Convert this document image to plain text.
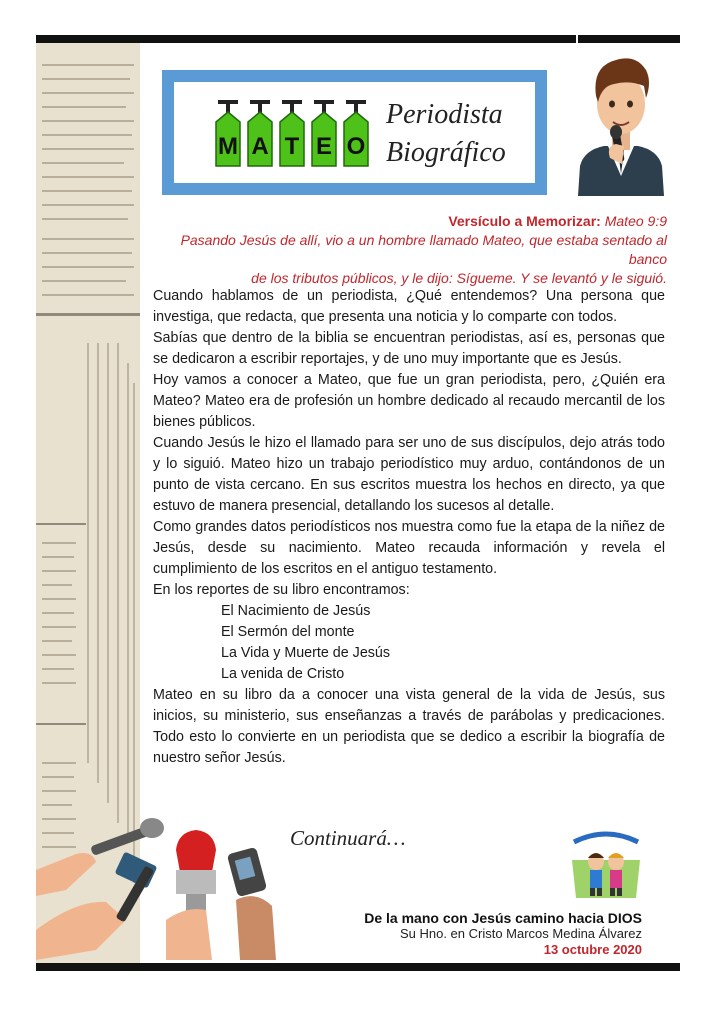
M A T E O
Periodista
Biográfico
Versículo a Memorizar: Mateo 9:9
Pasando Jesús de allí, vio a un hombre llamado Mateo, que estaba sentado al banco
de los tributos públicos, y le dijo: Sígueme. Y se levantó y le siguió.

Cuando hablamos de un periodista, ¿Qué entendemos? Una persona que investiga, que redacta, que presenta una noticia y lo comparte con todos.

Sabías que dentro de la biblia se encuentran periodistas, así es, personas que se dedicaron a escribir reportajes, y de uno muy importante que es Jesús.

Hoy vamos a conocer a Mateo, que fue un gran periodista, pero, ¿Quién era Mateo? Mateo era de profesión un hombre dedicado al recaudo mercantil de los bienes públicos.

Cuando Jesús le hizo el llamado para ser uno de sus discípulos, dejo atrás todo y lo siguió. Mateo hizo un trabajo periodístico muy arduo, contándonos de un punto de vista cercano. En sus escritos muestra los hechos en directo, ya que estuvo de manera presencial, detallando los sucesos al detalle.

Como grandes datos periodísticos nos muestra como fue la etapa de la niñez de Jesús, desde su nacimiento. Mateo recauda información y revela el cumplimiento de los escritos en el antiguo testamento.

En los reportes de su libro encontramos:

El Nacimiento de Jesús
El Sermón del monte
La Vida y Muerte de Jesús
La venida de Cristo

Mateo en su libro da a conocer una vista general de la vida de Jesús, sus inicios, su ministerio, sus enseñanzas a través de parábolas y predicaciones. Todo esto lo convierte en un periodista que se dedico a escribir la biografía de nuestro señor Jesús.

Continuará…
De la mano con Jesús camino hacia DIOS
Su Hno. en Cristo Marcos Medina Álvarez
13 octubre 2020
